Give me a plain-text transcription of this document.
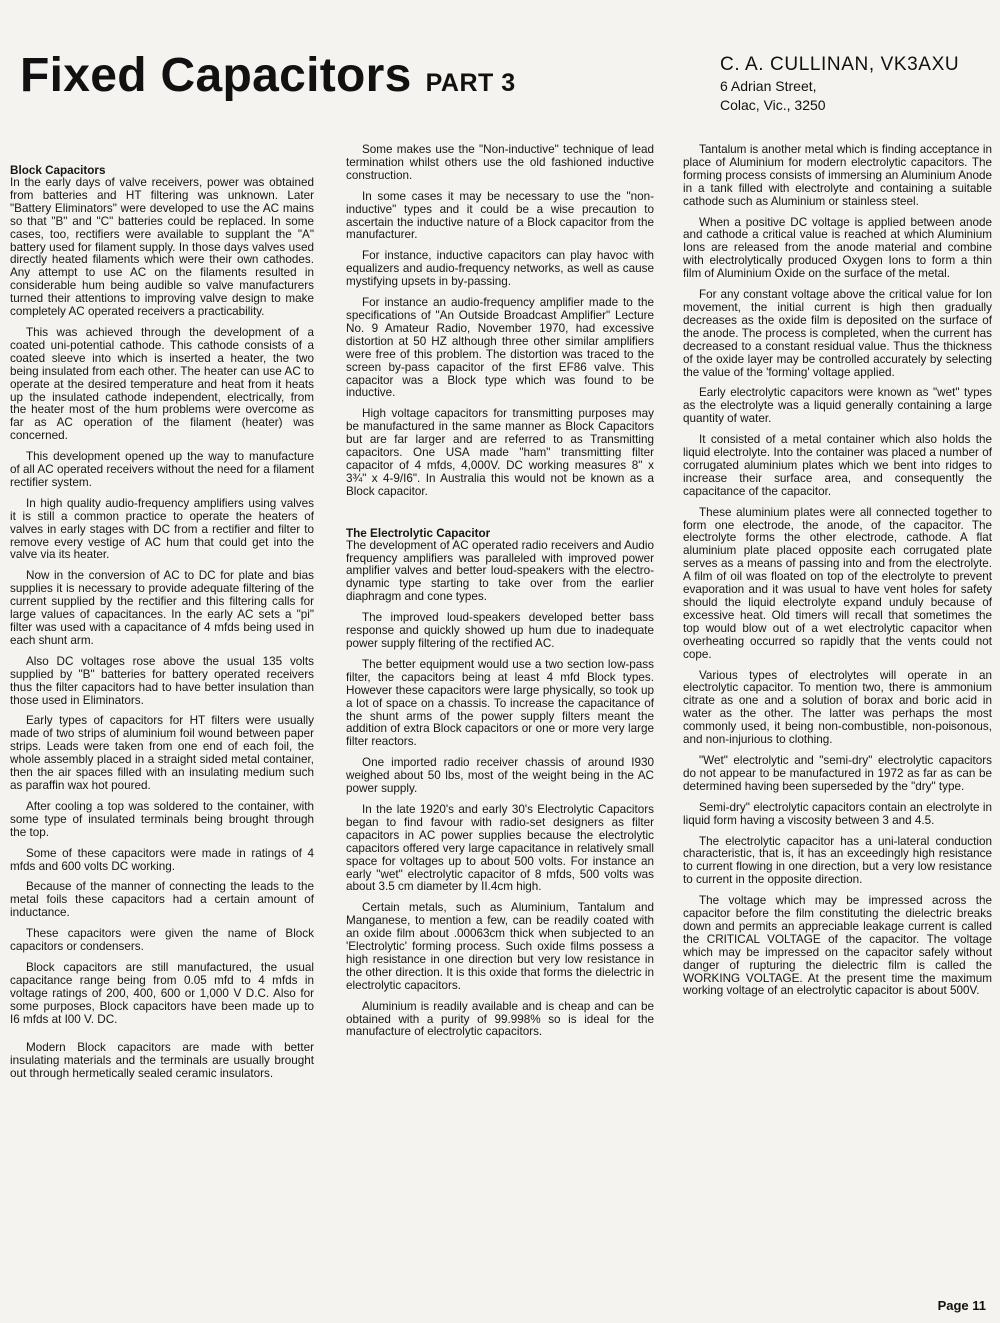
Fixed Capacitors PART 3
C. A. CULLINAN, VK3AXU
6 Adrian Street,
Colac, Vic., 3250
Block Capacitors

In the early days of valve receivers, power was obtained from batteries and HT filtering was unknown. Later "Battery Eliminators" were developed to use the AC mains so that "B" and "C" batteries could be replaced. In some cases, too, rectifiers were available to supplant the "A" battery used for filament supply. In those days valves used directly heated filaments which were their own cathodes. Any attempt to use AC on the filaments resulted in considerable hum being audible so valve manufacturers turned their attentions to improving valve design to make completely AC operated receivers a practicability.

This was achieved through the development of a coated uni-potential cathode. This cathode consists of a coated sleeve into which is inserted a heater, the two being insulated from each other. The heater can use AC to operate at the desired temperature and heat from it heats up the insulated cathode independent, electrically, from the heater most of the hum problems were overcome as far as AC operation of the filament (heater) was concerned.

This development opened up the way to manufacture of all AC operated receivers without the need for a filament rectifier system.

In high quality audio-frequency amplifiers using valves it is still a common practice to operate the heaters of valves in early stages with DC from a rectifier and filter to remove every vestige of AC hum that could get into the valve via its heater.

Now in the conversion of AC to DC for plate and bias supplies it is necessary to provide adequate filtering of the current supplied by the rectifier and this filtering calls for large values of capacitances. In the early AC sets a "pi" filter was used with a capacitance of 4 mfds being used in each shunt arm.

Also DC voltages rose above the usual 135 volts supplied by "B" batteries for battery operated receivers thus the filter capacitors had to have better insulation than those used in Eliminators.

Early types of capacitors for HT filters were usually made of two strips of aluminium foil wound between paper strips. Leads were taken from one end of each foil, the whole assembly placed in a straight sided metal container, then the air spaces filled with an insulating medium such as paraffin wax hot poured.

After cooling a top was soldered to the container, with some type of insulated terminals being brought through the top.

Some of these capacitors were made in ratings of 4 mfds and 600 volts DC working.

Because of the manner of connecting the leads to the metal foils these capacitors had a certain amount of inductance.

These capacitors were given the name of Block capacitors or condensers.

Block capacitors are still manufactured, the usual capacitance range being from 0.05 mfd to 4 mfds in voltage ratings of 200, 400, 600 or 1,000 V D.C. Also for some purposes, Block capacitors have been made up to I6 mfds at I00 V. DC.

Modern Block capacitors are made with better insulating materials and the terminals are usually brought out through hermetically sealed ceramic insulators.

Some makes use the "Non-inductive" technique of lead termination whilst others use the old fashioned inductive construction.

In some cases it may be necessary to use the "non-inductive" types and it could be a wise precaution to ascertain the inductive nature of a Block capacitor from the manufacturer.

For instance, inductive capacitors can play havoc with equalizers and audio-frequency networks, as well as cause mystifying upsets in by-passing.

For instance an audio-frequency amplifier made to the specifications of "An Outside Broadcast Amplifier" Lecture No. 9 Amateur Radio, November 1970, had excessive distortion at 50 HZ although three other similar amplifiers were free of this problem. The distortion was traced to the screen by-pass capacitor of the first EF86 valve. This capacitor was a Block type which was found to be inductive.

High voltage capacitors for transmitting purposes may be manufactured in the same manner as Block Capacitors but are far larger and are referred to as Transmitting capacitors. One USA made "ham" transmitting filter capacitor of 4 mfds, 4,000V. DC working measures 8" x 3¾" x 4-9/I6". In Australia this would not be known as a Block capacitor.

The Electrolytic Capacitor

The development of AC operated radio receivers and Audio frequency amplifiers was paralleled with improved power amplifier valves and better loud-speakers with the electro-dynamic type starting to take over from the earlier diaphragm and cone types.

The improved loud-speakers developed better bass response and quickly showed up hum due to inadequate power supply filtering of the rectified AC.

The better equipment would use a two section low-pass filter, the capacitors being at least 4 mfd Block types. However these capacitors were large physically, so took up a lot of space on a chassis. To increase the capacitance of the shunt arms of the power supply filters meant the addition of extra Block capacitors or one or more very large filter reactors.

One imported radio receiver chassis of around I930 weighed about 50 lbs, most of the weight being in the AC power supply.

In the late 1920's and early 30's Electrolytic Capacitors began to find favour with radio-set designers as filter capacitors in AC power supplies because the electrolytic capacitors offered very large capacitance in relatively small space for voltages up to about 500 volts. For instance an early "wet" electrolytic capacitor of 8 mfds, 500 volts was about 3.5 cm diameter by II.4cm high.

Certain metals, such as Aluminium, Tantalum and Manganese, to mention a few, can be readily coated with an oxide film about .00063cm thick when subjected to an 'Electrolytic' forming process. Such oxide films possess a high resistance in one direction but very low resistance in the other direction. It is this oxide that forms the dielectric in electrolytic capacitors.

Aluminium is readily available and is cheap and can be obtained with a purity of 99.998% so is ideal for the manufacture of electrolytic capacitors.

Tantalum is another metal which is finding acceptance in place of Aluminium for modern electrolytic capacitors. The forming process consists of immersing an Aluminium Anode in a tank filled with electrolyte and containing a suitable cathode such as Aluminium or stainless steel.

When a positive DC voltage is applied between anode and cathode a critical value is reached at which Aluminium Ions are released from the anode material and combine with electrolytically produced Oxygen Ions to form a thin film of Aluminium Oxide on the surface of the metal.

For any constant voltage above the critical value for Ion movement, the initial current is high then gradually decreases as the oxide film is deposited on the surface of the anode. The process is completed, when the current has decreased to a constant residual value. Thus the thickness of the oxide layer may be controlled accurately by selecting the value of the 'forming' voltage applied.

Early electrolytic capacitors were known as "wet" types as the electrolyte was a liquid generally containing a large quantity of water.

It consisted of a metal container which also holds the liquid electrolyte. Into the container was placed a number of corrugated aluminium plates which we bent into ridges to increase their surface area, and consequently the capacitance of the capacitor.

These aluminium plates were all connected together to form one electrode, the anode, of the capacitor. The electrolyte forms the other electrode, cathode. A flat aluminium plate placed opposite each corrugated plate serves as a means of passing into and from the electrolyte. A film of oil was floated on top of the electrolyte to prevent evaporation and it was usual to have vent holes for safety should the liquid electrolyte expand unduly because of excessive heat. Old timers will recall that sometimes the top would blow out of a wet electrolytic capacitor when overheating occurred so rapidly that the vents could not cope.

Various types of electrolytes will operate in an electrolytic capacitor. To mention two, there is ammonium citrate as one and a solution of borax and boric acid in water as the other. The latter was perhaps the most commonly used, it being non-combustible, non-poisonous, and non-injurious to clothing.

"Wet" electrolytic and "semi-dry" electrolytic capacitors do not appear to be manufactured in 1972 as far as can be determined having been superseded by the "dry" type.

Semi-dry" electrolytic capacitors contain an electrolyte in liquid form having a viscosity between 3 and 4.5.

The electrolytic capacitor has a uni-lateral conduction characteristic, that is, it has an exceedingly high resistance to current flowing in one direction, but a very low resistance to current in the opposite direction.

The voltage which may be impressed across the capacitor before the film constituting the dielectric breaks down and permits an appreciable leakage current is called the CRITICAL VOLTAGE of the capacitor. The voltage which may be impressed on the capacitor safely without danger of rupturing the dielectric film is called the WORKING VOLTAGE. At the present time the maximum working voltage of an electrolytic capacitor is about 500V.

Page 11
